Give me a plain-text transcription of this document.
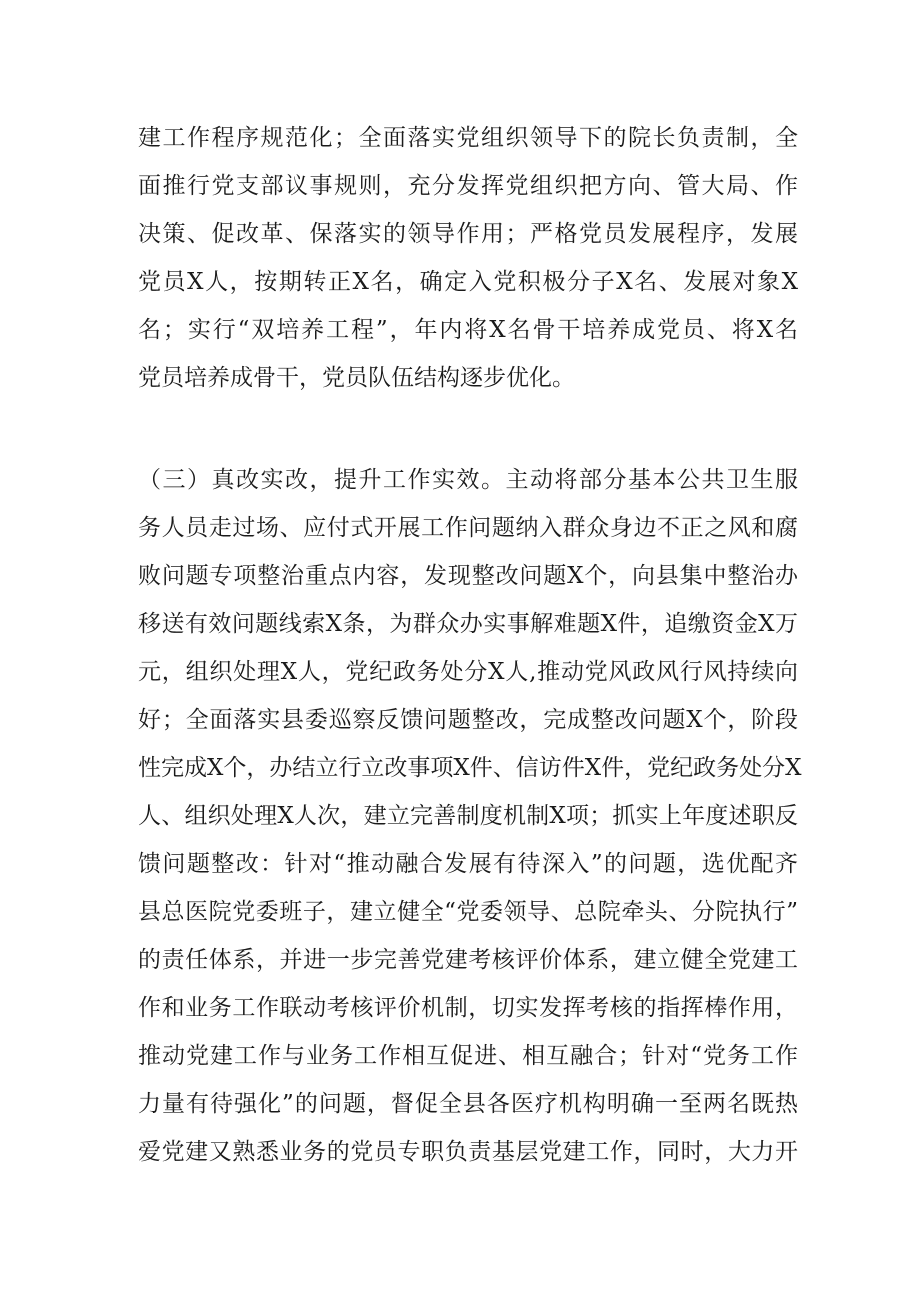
建工作程序规范化；全面落实党组织领导下的院长负责制，全
面推行党支部议事规则，充分发挥党组织把方向、管大局、作
决策、促改革、保落实的领导作用；严格党员发展程序，发展
党员X人，按期转正X名，确定入党积极分子X名、发展对象X
名；实行“双培养工程”，年内将X名骨干培养成党员、将X名
党员培养成骨干，党员队伍结构逐步优化。
（三）真改实改，提升工作实效。主动将部分基本公共卫生服
务人员走过场、应付式开展工作问题纳入群众身边不正之风和腐
败问题专项整治重点内容，发现整改问题X个，向县集中整治办
移送有效问题线索X条，为群众办实事解难题X件，追缴资金X万
元，组织处理X人，党纪政务处分X人,推动党风政风行风持续向
好；全面落实县委巡察反馈问题整改，完成整改问题X个，阶段
性完成X个，办结立行立改事项X件、信访件X件，党纪政务处分X
人、组织处理X人次，建立完善制度机制X项；抓实上年度述职反
馈问题整改：针对“推动融合发展有待深入”的问题，选优配齐
县总医院党委班子，建立健全“党委领导、总院牵头、分院执行”
的责任体系，并进一步完善党建考核评价体系，建立健全党建工
作和业务工作联动考核评价机制，切实发挥考核的指挥棒作用，
推动党建工作与业务工作相互促进、相互融合；针对“党务工作
力量有待强化”的问题，督促全县各医疗机构明确一至两名既热
爱党建又熟悉业务的党员专职负责基层党建工作，同时，大力开
